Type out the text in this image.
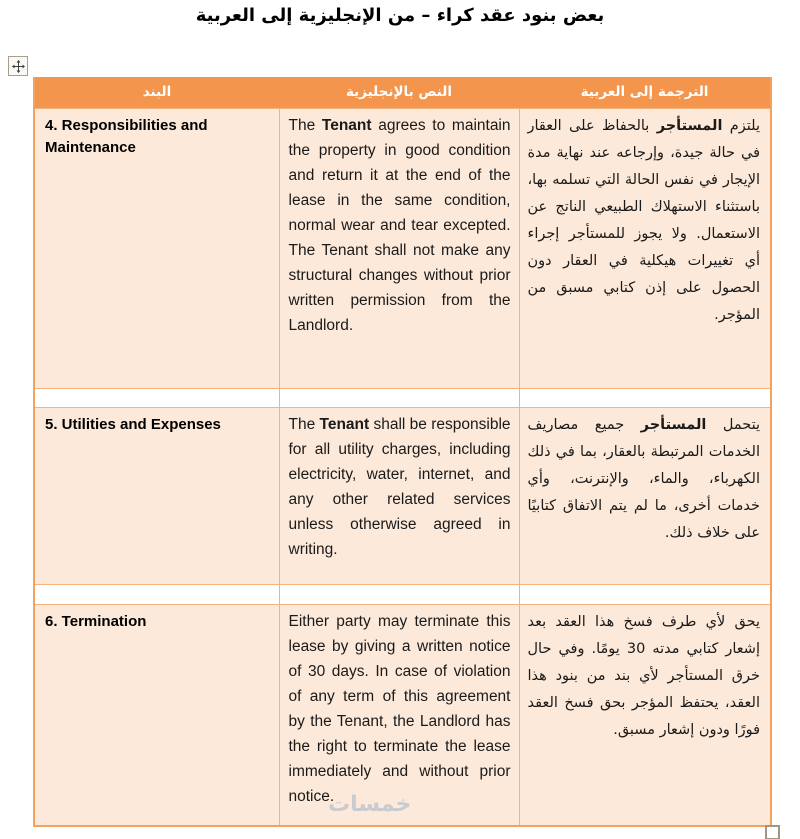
بعض بنود عقد كراء – من الإنجليزية إلى العربية
البند	النص بالإنجليزية	الترجمة إلى العربية
4. Responsibilities and Maintenance	The Tenant agrees to maintain the property in good condition and return it at the end of the lease in the same condition, normal wear and tear excepted. The Tenant shall not make any structural changes without prior written permission from the Landlord.	يلتزم المستأجر بالحفاظ على العقار في حالة جيدة، وإرجاعه عند نهاية مدة الإيجار في نفس الحالة التي تسلمه بها، باستثناء الاستهلاك الطبيعي الناتج عن الاستعمال. ولا يجوز للمستأجر إجراء أي تغييرات هيكلية في العقار دون الحصول على إذن كتابي مسبق من المؤجر.

5. Utilities and Expenses	The Tenant shall be responsible for all utility charges, including electricity, water, internet, and any other related services unless otherwise agreed in writing.	يتحمل المستأجر جميع مصاريف الخدمات المرتبطة بالعقار، بما في ذلك الكهرباء، والماء، والإنترنت، وأي خدمات أخرى، ما لم يتم الاتفاق كتابيًا على خلاف ذلك.

6. Termination	Either party may terminate this lease by giving a written notice of 30 days. In case of violation of any term of this agreement by the Tenant, the Landlord has the right to terminate the lease immediately and without prior notice.	يحق لأي طرف فسخ هذا العقد بعد إشعار كتابي مدته 30 يومًا. وفي حال خرق المستأجر لأي بند من بنود هذا العقد، يحتفظ المؤجر بحق فسخ العقد فورًا ودون إشعار مسبق.
خمسات
